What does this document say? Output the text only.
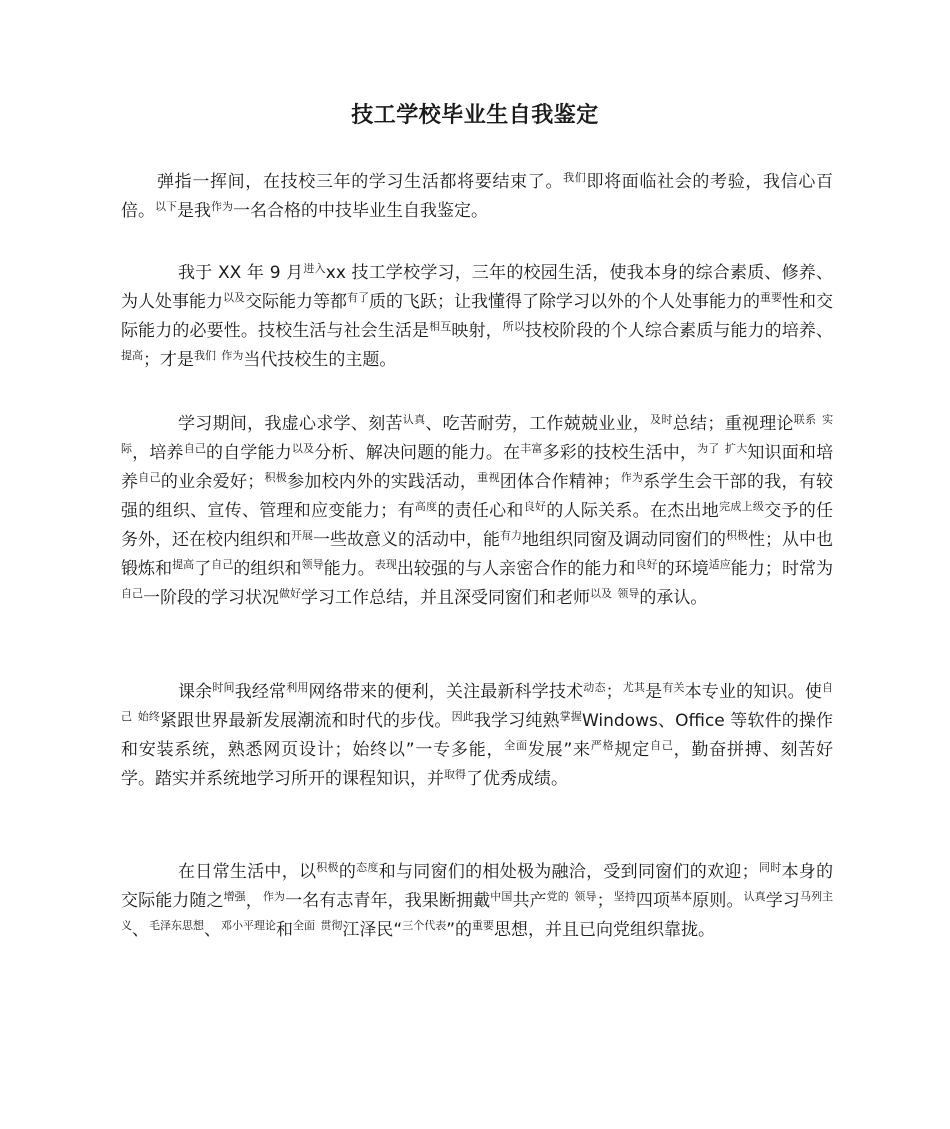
技工学校毕业生自我鉴定

弹指一挥间，在技校三年的学习生活都将要结束了。$^{我们}$即将面临社会的考验，我信心百倍。$^{以下}$是我$^{作为}$一名合格的中技毕业生自我鉴定。

我于 XX 年 9 月$^{进入}$xx 技工学校学习，三年的校园生活，使我本身的综合素质、修养、为人处事能力$^{以及}$交际能力等都$^{有了}$质的飞跃；让我懂得了除学习以外的个人处事能力的$^{重要}$性和交际能力的必要性。技校生活与社会生活是$^{相互}$映射，$^{所以}$技校阶段的个人综合素质与能力的培养、$^{提高}$；才是$^{我们}$ $^{作为}$当代技校生的主题。

学习期间，我虚心求学、刻苦$^{认真}$、吃苦耐劳，工作兢兢业业，$^{及时}$总结；重视理论$^{联系}$ $^{实际}$，培养$^{自己}$的自学能力$^{以及}$分析、解决问题的能力。在$^{丰富}$多彩的技校生活中，$^{为了}$ $^{扩大}$知识面和培养$^{自己}$的业余爱好；$^{积极}$参加校内外的实践活动，$^{重视}$团体合作精神；$^{作为}$系学生会干部的我，有较强的组织、宣传、管理和应变能力；有$^{高度}$的责任心和$^{良好}$的人际关系。在杰出地$^{完成上级}$交予的任务外，还在校内组织和$^{开展}$一些故意义的活动中，能$^{有力}$地组织同窗及调动同窗们的$^{积极}$性；从中也锻炼和$^{提高}$了$^{自己}$的组织和$^{领导}$能力。$^{表现}$出较强的与人亲密合作的能力和$^{良好}$的环境$^{适应}$能力；时常为$^{自己}$一阶段的学习状况$^{做好}$学习工作总结，并且深受同窗们和老师$^{以及}$ $^{领导}$的承认。

课余$^{时间}$我经常$^{利用}$网络带来的便利，关注最新科学技术$^{动态}$；$^{尤其}$是$^{有关}$本专业的知识。使$^{自己}$ $^{始终}$紧跟世界最新发展潮流和时代的步伐。$^{因此}$我学习纯熟$^{掌握}$Windows、Office 等软件的操作和安装系统，熟悉网页设计；始终以”一专多能，$^{全面}$发展”来$^{严格}$规定$^{自己}$，勤奋拼搏、刻苦好学。踏实并系统地学习所开的课程知识，并$^{取得}$了优秀成绩。

在日常生活中，以$^{积极}$的$^{态度}$和与同窗们的相处极为融洽，受到同窗们的欢迎；$^{同时}$本身的交际能力随之$^{增强}$，$^{作为}$一名有志青年，我果断拥戴$^{中国}$共产$^{党的}$ $^{领导}$；$^{坚持}$四项$^{基本}$原则。$^{认真}$学习$^{马列主义}$、$^{毛泽东思想}$、$^{邓小平理论}$和$^{全面}$ $^{贯彻}$江泽民“$^{三个代表}$”的$^{重要}$思想，并且已向党组织靠拢。
